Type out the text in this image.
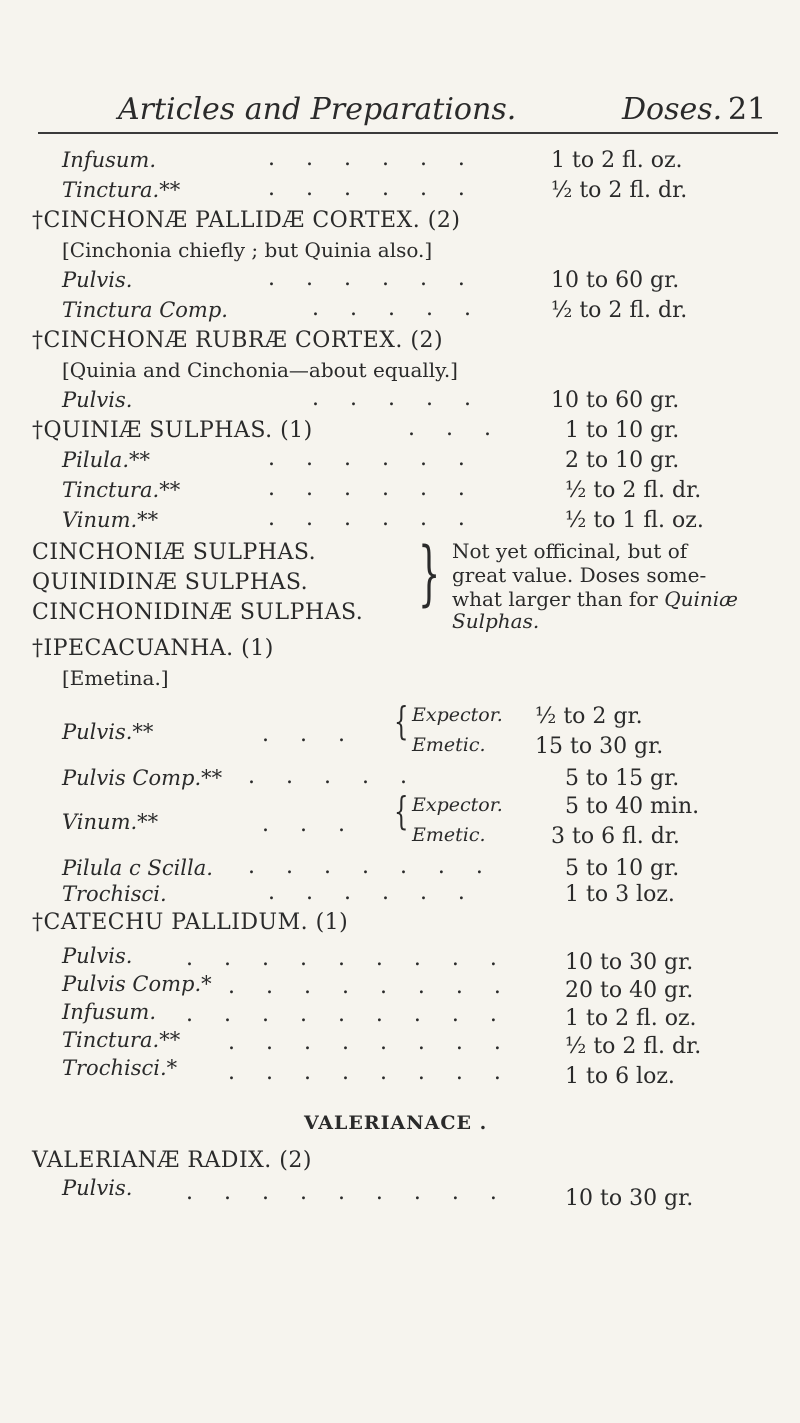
Articles and Preparations.	Doses. 21
Infusum.	. . . . . .	1 to 2 fl. oz.
Tinctura.**	. . . . . .	½ to 2 fl. dr.
†CINCHONÆ PALLIDÆ CORTEX. (2)
[Cinchonia chiefly ; but Quinia also.]
Pulvis.	. . . . . .	10 to 60 gr.
Tinctura Comp.	. . . . .	½ to 2 fl. dr.
†CINCHONÆ RUBRÆ CORTEX. (2)
[Quinia and Cinchonia—about equally.]
Pulvis.	. . . . .	10 to 60 gr.
†QUINIÆ SULPHAS. (1)	. . .	1 to 10 gr.
Pilula.**	. . . . . .	2 to 10 gr.
Tinctura.**	. . . . . .	½ to 2 fl. dr.
Vinum.**	. . . . . .	½ to 1 fl. oz.
CINCHONIÆ SULPHAS.
QUINIDINÆ SULPHAS.
CINCHONIDINÆ SULPHAS. } Not yet officinal, but of
great value. Doses some-
what larger than for Quiniæ
Sulphas.
†IPECACUANHA. (1)
[Emetina.]
Pulvis.**	. . . { Expector. ½ to 2 gr.
Emetic. 15 to 30 gr.
Pulvis Comp.** . . . . .	5 to 15 gr.
Vinum.**	. . . { Expector.	5 to 40 min.
Emetic.	3 to 6 fl. dr.
Pilula c Scilla. . . . . . . .	5 to 10 gr.
Trochisci.	. . . . . .	1 to 3 loz.
†CATECHU PALLIDUM. (1)
Pulvis. . . . . . . . . .	10 to 30 gr.
Pulvis Comp.* . . . . . . . . 20 to 40 gr.
Infusum. . . . . . . . . .	1 to 2 fl. oz.
Tinctura.** . . . . . . . . ½ to 2 fl. dr.
Trochisci.* . . . . . . . . 1 to 6 loz.
VALERIANACE .
VALERIANÆ RADIX. (2)
Pulvis. . . . . . . . . .	10 to 30 gr.
